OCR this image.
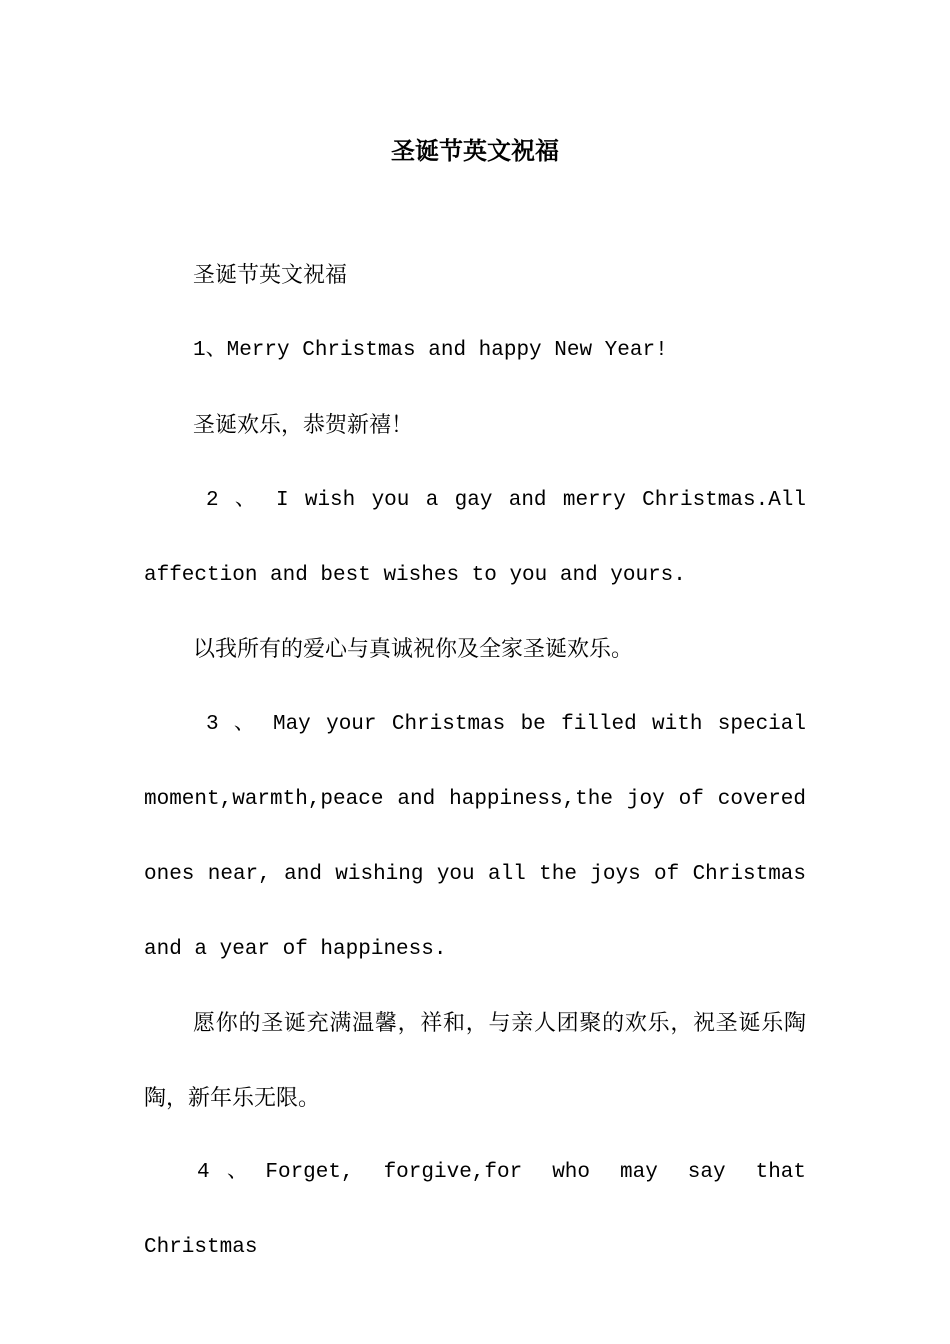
圣诞节英文祝福

圣诞节英文祝福

1、Merry Christmas and happy New Year!

圣诞欢乐，恭贺新禧！

2 、 I wish you a gay and merry Christmas.All affection and best wishes to you and yours.

以我所有的爱心与真诚祝你及全家圣诞欢乐。

3 、 May your Christmas be filled with special moment,warmth,peace and happiness,the joy of covered ones near, and wishing you all the joys of Christmas and a year of happiness.

愿你的圣诞充满温馨，祥和，与亲人团聚的欢乐，祝圣诞乐陶陶，新年乐无限。

4、Forget, forgive,for who may say that Christmas
